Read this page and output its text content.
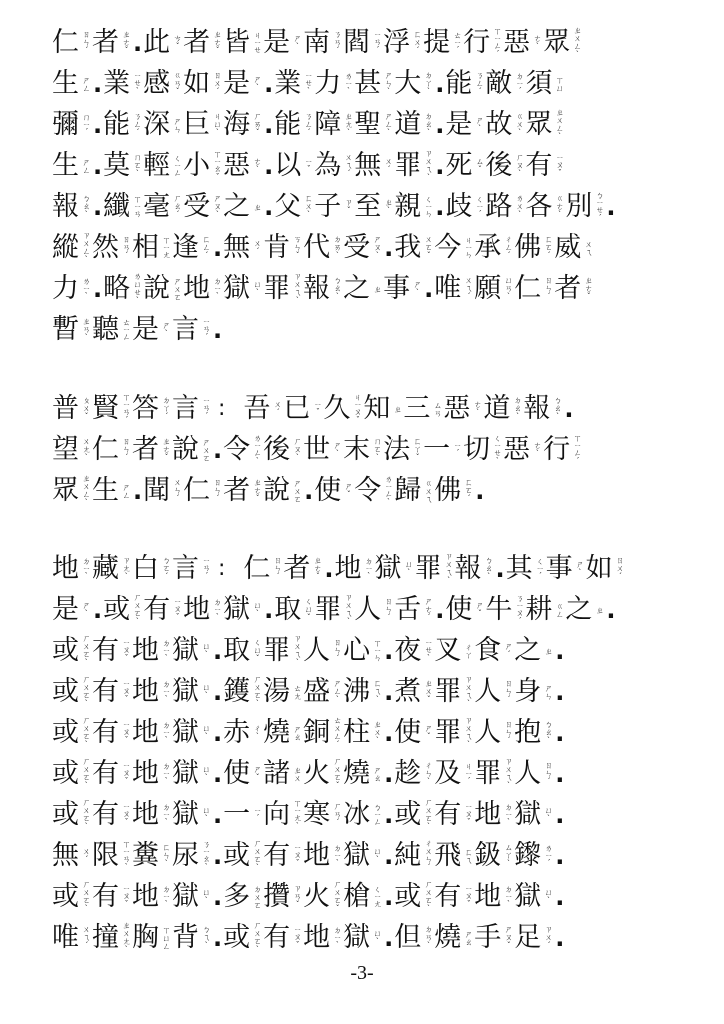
仁 ㄖㄣˊ 者 ㄓㄜˇ . 此 ㄘˇ 者 ㄓㄜˇ 皆 ㄐㄧㄝ 是 ㄕˋ 南 ㄋㄢˊ 閻 ㄧㄢˊ 浮 ㄈㄨˊ 提 ㄊㄧˊ 行 ㄒㄧㄥˊ 惡 ㄜˋ 眾 ㄓㄨㄥˋ
生 ㄕㄥ . 業 ㄧㄝˋ 感 ㄍㄢˇ 如 ㄖㄨˊ 是 ㄕˋ . 業 ㄧㄝˋ 力 ㄌㄧˋ 甚 ㄕㄣˋ 大 ㄉㄚˋ . 能 ㄋㄥˊ 敵 ㄉㄧˊ 須 ㄒㄩ
彌 ㄇㄧˊ . 能 ㄋㄥˊ 深 ㄕㄣ 巨 ㄐㄩˋ 海 ㄏㄞˇ . 能 ㄋㄥˊ 障 ㄓㄤˋ 聖 ㄕㄥˋ 道 ㄉㄠˋ . 是 ㄕˋ 故 ㄍㄨˋ 眾 ㄓㄨㄥˋ
生 ㄕㄥ . 莫 ㄇㄛˋ 輕 ㄑㄧㄥ 小 ㄒㄧㄠˇ 惡 ㄜˋ . 以 ㄧˇ 為 ㄨㄟˊ 無 ㄨˊ 罪 ㄗㄨㄟˋ . 死 ㄙˇ 後 ㄏㄡˋ 有 ㄧㄡˇ
報 ㄅㄠˋ . 纖 ㄒㄧㄢ 毫 ㄏㄠˊ 受 ㄕㄡˋ 之 ㄓ . 父 ㄈㄨˋ 子 ㄗˇ 至 ㄓˋ 親 ㄑㄧㄣ . 歧 ㄑㄧˊ 路 ㄌㄨˋ 各 ㄍㄜˋ 別 ㄅㄧㄝˊ .
縱 ㄗㄨㄥˋ 然 ㄖㄢˊ 相 ㄒㄧㄤ 逢 ㄈㄥˊ . 無 ㄨˊ 肯 ㄎㄣˇ 代 ㄉㄞˋ 受 ㄕㄡˋ . 我 ㄨㄛˇ 今 ㄐㄧㄣ 承 ㄔㄥˊ 佛 ㄈㄛˊ 威 ㄨㄟ
力 ㄌㄧˋ . 略 ㄌㄩㄝˋ 說 ㄕㄨㄛ 地 ㄉㄧˋ 獄 ㄩˋ 罪 ㄗㄨㄟˋ 報 ㄅㄠˋ 之 ㄓ 事 ㄕˋ . 唯 ㄨㄟˊ 願 ㄩㄢˋ 仁 ㄖㄣˊ 者 ㄓㄜˇ
暫 ㄓㄢˋ 聽 ㄊㄧㄥ 是 ㄕˋ 言 ㄧㄢˊ .
普 ㄆㄨˇ 賢 ㄒㄧㄢˊ 答 ㄉㄚˊ 言 ㄧㄢˊ : 吾 ㄨˊ 已 ㄧˇ 久 ㄐㄧㄡˇ 知 ㄓ 三 ㄙㄢ 惡 ㄜˋ 道 ㄉㄠˋ 報 ㄅㄠˋ .
望 ㄨㄤˋ 仁 ㄖㄣˊ 者 ㄓㄜˇ 說 ㄕㄨㄛ . 令 ㄌㄧㄥˋ 後 ㄏㄡˋ 世 ㄕˋ 末 ㄇㄛˋ 法 ㄈㄚˇ 一 ㄧˊ 切 ㄑㄧㄝˋ 惡 ㄜˋ 行 ㄒㄧㄥˊ
眾 ㄓㄨㄥˋ 生 ㄕㄥ . 聞 ㄨㄣˊ 仁 ㄖㄣˊ 者 ㄓㄜˇ 說 ㄕㄨㄛ . 使 ㄕˇ 令 ㄌㄧㄥˋ 歸 ㄍㄨㄟ 佛 ㄈㄛˊ .
地 ㄉㄧˋ 藏 ㄗㄤˋ 白 ㄅㄛˊ 言 ㄧㄢˊ : 仁 ㄖㄣˊ 者 ㄓㄜˇ . 地 ㄉㄧˋ 獄 ㄩˋ 罪 ㄗㄨㄟˋ 報 ㄅㄠˋ . 其 ㄑㄧˊ 事 ㄕˋ 如 ㄖㄨˊ
是 ㄕˋ . 或 ㄏㄨㄛˋ 有 ㄧㄡˇ 地 ㄉㄧˋ 獄 ㄩˋ . 取 ㄑㄩˇ 罪 ㄗㄨㄟˋ 人 ㄖㄣˊ 舌 ㄕㄜˊ . 使 ㄕˇ 牛 ㄋㄧㄡˊ 耕 ㄍㄥ 之 ㄓ .
或 ㄏㄨㄛˋ 有 ㄧㄡˇ 地 ㄉㄧˋ 獄 ㄩˋ . 取 ㄑㄩˇ 罪 ㄗㄨㄟˋ 人 ㄖㄣˊ 心 ㄒㄧㄣ . 夜 ㄧㄝˋ 叉 ㄔㄚ 食 ㄕˊ 之 ㄓ .
或 ㄏㄨㄛˋ 有 ㄧㄡˇ 地 ㄉㄧˋ 獄 ㄩˋ . 鑊 ㄏㄨㄛˋ 湯 ㄊㄤ 盛 ㄕㄥˋ 沸 ㄈㄟˋ . 煮 ㄓㄨˇ 罪 ㄗㄨㄟˋ 人 ㄖㄣˊ 身 ㄕㄣ .
或 ㄏㄨㄛˋ 有 ㄧㄡˇ 地 ㄉㄧˋ 獄 ㄩˋ . 赤 ㄔˋ 燒 ㄕㄠ 銅 ㄊㄨㄥˊ 柱 ㄓㄨˋ . 使 ㄕˇ 罪 ㄗㄨㄟˋ 人 ㄖㄣˊ 抱 ㄅㄠˋ .
或 ㄏㄨㄛˋ 有 ㄧㄡˇ 地 ㄉㄧˋ 獄 ㄩˋ . 使 ㄕˇ 諸 ㄓㄨ 火 ㄏㄨㄛˇ 燒 ㄕㄠ . 趁 ㄔㄣˋ 及 ㄐㄧˊ 罪 ㄗㄨㄟˋ 人 ㄖㄣˊ .
或 ㄏㄨㄛˋ 有 ㄧㄡˇ 地 ㄉㄧˋ 獄 ㄩˋ . 一 ㄧˊ 向 ㄒㄧㄤˋ 寒 ㄏㄢˊ 冰 ㄅㄧㄥ . 或 ㄏㄨㄛˋ 有 ㄧㄡˇ 地 ㄉㄧˋ 獄 ㄩˋ .
無 ㄨˊ 限 ㄒㄧㄢˋ 糞 ㄈㄣˋ 尿 ㄋㄧㄠˋ . 或 ㄏㄨㄛˋ 有 ㄧㄡˇ 地 ㄉㄧˋ 獄 ㄩˋ . 純 ㄔㄨㄣˊ 飛 ㄈㄟ 鈒 ㄙㄚˋ 鑗 ㄌㄧˊ .
或 ㄏㄨㄛˋ 有 ㄧㄡˇ 地 ㄉㄧˋ 獄 ㄩˋ . 多 ㄉㄨㄛ 攢 ㄗㄢˇ 火 ㄏㄨㄛˇ 槍 ㄑㄧㄤ . 或 ㄏㄨㄛˋ 有 ㄧㄡˇ 地 ㄉㄧˋ 獄 ㄩˋ .
唯 ㄨㄟˊ 撞 ㄓㄨㄤˋ 胸 ㄒㄩㄥ 背 ㄅㄟˋ . 或 ㄏㄨㄛˋ 有 ㄧㄡˇ 地 ㄉㄧˋ 獄 ㄩˋ . 但 ㄉㄢˋ 燒 ㄕㄠ 手 ㄕㄡˇ 足 ㄗㄨˊ .
-3-
